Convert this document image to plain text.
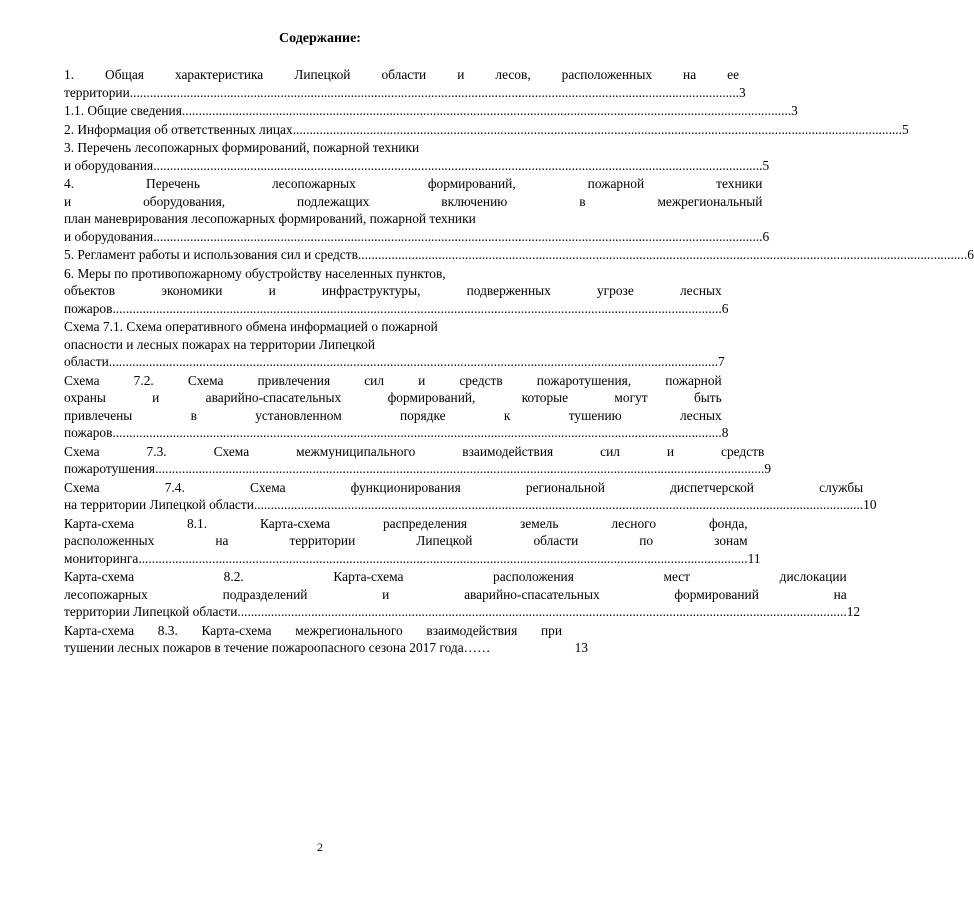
Содержание:
1. Общая характеристика Липецкой области и лесов, расположенных на ее
территории .....	3
1.1. Общие сведения .....	3
2. Информация об ответственных лицах .....	5
3. Перечень лесопожарных формирований, пожарной техники
и оборудования .....	5
4. Перечень лесопожарных формирований, пожарной техники
и оборудования, подлежащих включению в межрегиональный
план маневрирования лесопожарных формирований, пожарной техники
и оборудования .....	6
5. Регламент работы и использования сил и средств .....	6
6. Меры по противопожарному обустройству населенных пунктов,
объектов экономики и инфраструктуры, подверженных угрозе лесных
пожаров .....	6
Схема 7.1. Схема оперативного обмена информацией о пожарной
опасности и лесных пожарах на территории Липецкой
области .....	7
Схема 7.2. Схема привлечения сил и средств пожаротушения, пожарной
охраны и аварийно-спасательных формирований, которые могут быть
привлечены в установленном порядке к тушению лесных
пожаров .....	8
Схема 7.3. Схема межмуниципального взаимодействия сил и средств
пожаротушения .....	9
Схема 7.4. Схема функционирования региональной диспетчерской службы
на территории Липецкой области .....	10
Карта-схема 8.1. Карта-схема распределения земель лесного фонда,
расположенных на территории Липецкой области по зонам
мониторинга .....	11
Карта-схема 8.2. Карта-схема расположения мест дислокации
лесопожарных подразделений и аварийно-спасательных формирований на
территории Липецкой области .....	12
Карта-схема 8.3. Карта-схема межрегионального взаимодействия при
тушении лесных пожаров в течение пожароопасного сезона 2017 года……	13
2
